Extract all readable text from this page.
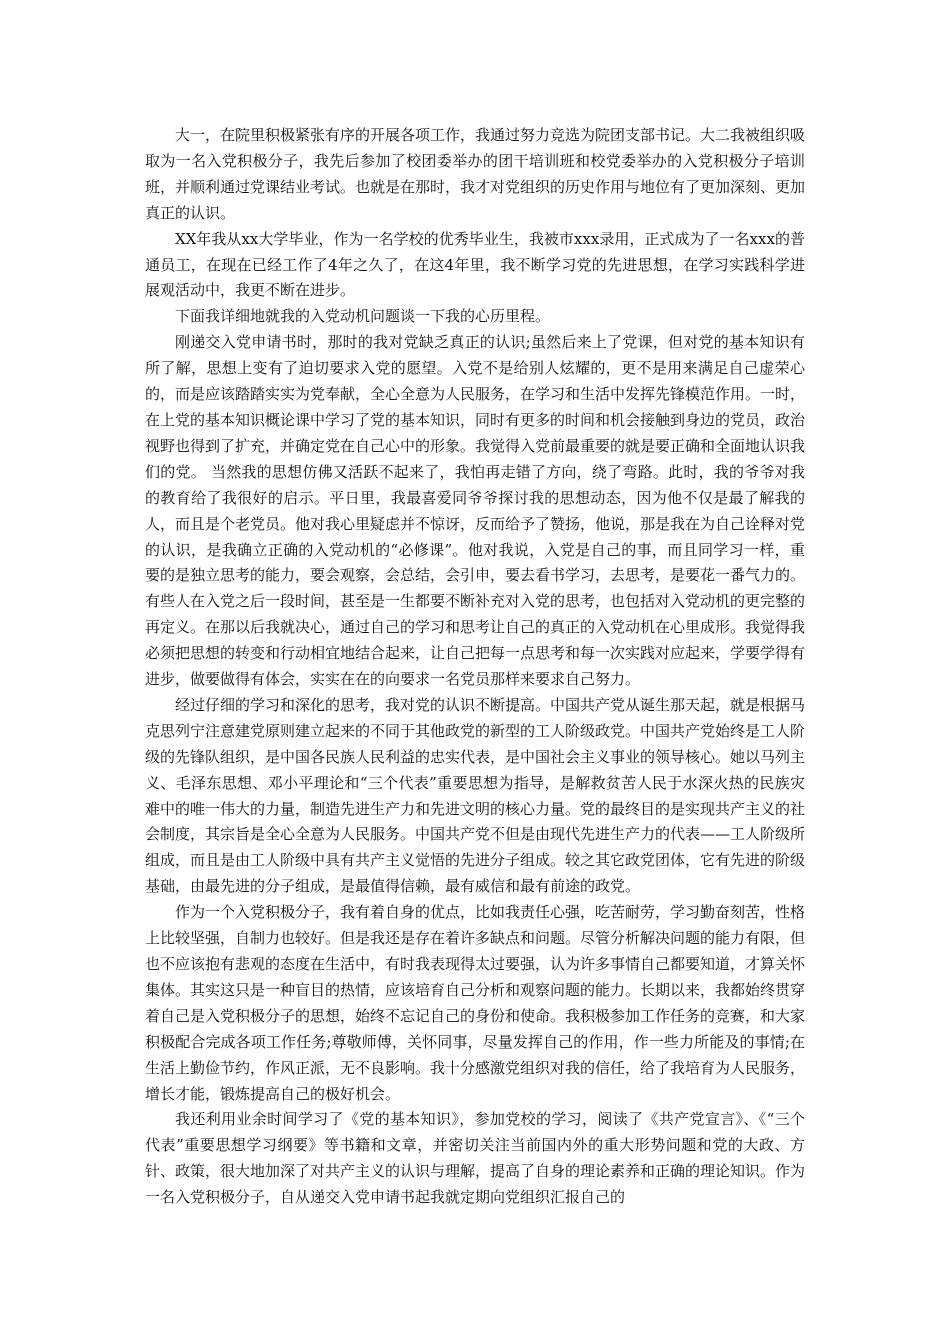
大一，在院里积极紧张有序的开展各项工作，我通过努力竞选为院团支部书记。大二我被组织吸取为一名入党积极分子，我先后参加了校团委举办的团干培训班和校党委举办的入党积极分子培训班，并顺利通过党课结业考试。也就是在那时，我才对党组织的历史作用与地位有了更加深刻、更加真正的认识。

XX年我从xx大学毕业，作为一名学校的优秀毕业生，我被市xxx录用，正式成为了一名xxx的普通员工，在现在已经工作了4年之久了，在这4年里，我不断学习党的先进思想，在学习实践科学进展观活动中，我更不断在进步。

下面我详细地就我的入党动机问题谈一下我的心历里程。

刚递交入党申请书时，那时的我对党缺乏真正的认识;虽然后来上了党课，但对党的基本知识有所了解，思想上变有了迫切要求入党的愿望。入党不是给别人炫耀的，更不是用来满足自己虚荣心的，而是应该踏踏实实为党奉献，全心全意为人民服务，在学习和生活中发挥先锋模范作用。一时，在上党的基本知识概论课中学习了党的基本知识，同时有更多的时间和机会接触到身边的党员，政治视野也得到了扩充，并确定党在自己心中的形象。我觉得入党前最重要的就是要正确和全面地认识我们的党。 当然我的思想仿佛又活跃不起来了，我怕再走错了方向，绕了弯路。此时，我的爷爷对我的教育给了我很好的启示。平日里，我最喜爱同爷爷探讨我的思想动态，因为他不仅是最了解我的人，而且是个老党员。他对我心里疑虑并不惊讶，反而给予了赞扬，他说，那是我在为自己诠释对党的认识，是我确立正确的入党动机的“必修课”。他对我说，入党是自己的事，而且同学习一样，重要的是独立思考的能力，要会观察，会总结，会引申，要去看书学习，去思考，是要花一番气力的。有些人在入党之后一段时间，甚至是一生都要不断补充对入党的思考，也包括对入党动机的更完整的再定义。在那以后我就决心，通过自己的学习和思考让自己的真正的入党动机在心里成形。我觉得我必须把思想的转变和行动相宜地结合起来，让自己把每一点思考和每一次实践对应起来，学要学得有进步，做要做得有体会，实实在在的向要求一名党员那样来要求自己努力。

经过仔细的学习和深化的思考，我对党的认识不断提高。中国共产党从诞生那天起，就是根据马克思列宁注意建党原则建立起来的不同于其他政党的新型的工人阶级政党。中国共产党始终是工人阶级的先锋队组织，是中国各民族人民利益的忠实代表，是中国社会主义事业的领导核心。她以马列主义、毛泽东思想、邓小平理论和“三个代表”重要思想为指导，是解救贫苦人民于水深火热的民族灾难中的唯一伟大的力量，制造先进生产力和先进文明的核心力量。党的最终目的是实现共产主义的社会制度，其宗旨是全心全意为人民服务。中国共产党不但是由现代先进生产力的代表——工人阶级所组成，而且是由工人阶级中具有共产主义觉悟的先进分子组成。较之其它政党团体，它有先进的阶级基础，由最先进的分子组成，是最值得信赖，最有威信和最有前途的政党。

作为一个入党积极分子，我有着自身的优点，比如我责任心强，吃苦耐劳，学习勤奋刻苦，性格上比较坚强，自制力也较好。但是我还是存在着许多缺点和问题。尽管分析解决问题的能力有限，但也不应该抱有悲观的态度在生活中，有时我表现得太过要强，认为许多事情自己都要知道，才算关怀集体。其实这只是一种盲目的热情，应该培育自己分析和观察问题的能力。长期以来，我都始终贯穿着自己是入党积极分子的思想，始终不忘记自己的身份和使命。我积极参加工作任务的竞赛，和大家积极配合完成各项工作任务;尊敬师傅，关怀同事，尽量发挥自己的作用，作一些力所能及的事情;在生活上勤俭节约，作风正派，无不良影响。我十分感激党组织对我的信任，给了我培育为人民服务，增长才能，锻炼提高自己的极好机会。

我还利用业余时间学习了《党的基本知识》，参加党校的学习，阅读了《共产党宣言》、《“三个代表”重要思想学习纲要》等书籍和文章，并密切关注当前国内外的重大形势问题和党的大政、方针、政策，很大地加深了对共产主义的认识与理解，提高了自身的理论素养和正确的理论知识。作为一名入党积极分子，自从递交入党申请书起我就定期向党组织汇报自己的
